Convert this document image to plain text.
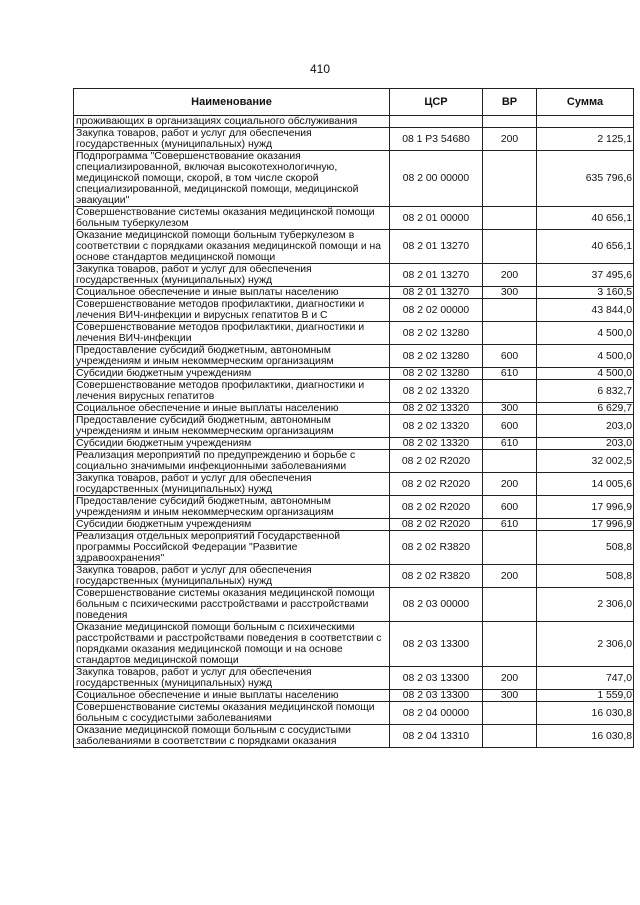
410
Наименование	ЦСР	ВР	Сумма
проживающих в организациях социального обслуживания			
Закупка товаров, работ и услуг для обеспечения государственных (муниципальных) нужд	08 1 Р3 54680	200	2 125,1
Подпрограмма "Совершенствование оказания специализированной, включая высокотехнологичную, медицинской помощи, скорой, в том числе скорой специализированной, медицинской помощи, медицинской эвакуации"	08 2 00 00000		635 796,6
Совершенствование системы оказания медицинской помощи больным туберкулезом	08 2 01 00000		40 656,1
Оказание медицинской помощи больным туберкулезом в соответствии с порядками оказания медицинской помощи и на основе стандартов медицинской помощи	08 2 01 13270		40 656,1
Закупка товаров, работ и услуг для обеспечения государственных (муниципальных) нужд	08 2 01 13270	200	37 495,6
Социальное обеспечение и иные выплаты населению	08 2 01 13270	300	3 160,5
Совершенствование методов профилактики, диагностики и лечения ВИЧ-инфекции и вирусных гепатитов В и С	08 2 02 00000		43 844,0
Совершенствование методов профилактики, диагностики и лечения ВИЧ-инфекции	08 2 02 13280		4 500,0
Предоставление субсидий бюджетным, автономным учреждениям и иным некоммерческим организациям	08 2 02 13280	600	4 500,0
Субсидии бюджетным учреждениям	08 2 02 13280	610	4 500,0
Совершенствование методов профилактики, диагностики и лечения вирусных гепатитов	08 2 02 13320		6 832,7
Социальное обеспечение и иные выплаты населению	08 2 02 13320	300	6 629,7
Предоставление субсидий бюджетным, автономным учреждениям и иным некоммерческим организациям	08 2 02 13320	600	203,0
Субсидии бюджетным учреждениям	08 2 02 13320	610	203,0
Реализация мероприятий по предупреждению и борьбе с социально значимыми инфекционными заболеваниями	08 2 02 R2020		32 002,5
Закупка товаров, работ и услуг для обеспечения государственных (муниципальных) нужд	08 2 02 R2020	200	14 005,6
Предоставление субсидий бюджетным, автономным учреждениям и иным некоммерческим организациям	08 2 02 R2020	600	17 996,9
Субсидии бюджетным учреждениям	08 2 02 R2020	610	17 996,9
Реализация отдельных мероприятий Государственной программы Российской Федерации "Развитие здравоохранения"	08 2 02 R3820		508,8
Закупка товаров, работ и услуг для обеспечения государственных (муниципальных) нужд	08 2 02 R3820	200	508,8
Совершенствование системы оказания медицинской помощи больным с психическими расстройствами и расстройствами поведения	08 2 03 00000		2 306,0
Оказание медицинской помощи больным с психическими расстройствами и расстройствами поведения в соответствии с порядками оказания медицинской помощи и на основе стандартов медицинской помощи	08 2 03 13300		2 306,0
Закупка товаров, работ и услуг для обеспечения государственных (муниципальных) нужд	08 2 03 13300	200	747,0
Социальное обеспечение и иные выплаты населению	08 2 03 13300	300	1 559,0
Совершенствование системы оказания медицинской помощи больным с сосудистыми заболеваниями	08 2 04 00000		16 030,8
Оказание медицинской помощи больным с сосудистыми заболеваниями в соответствии с порядками оказания	08 2 04 13310		16 030,8
